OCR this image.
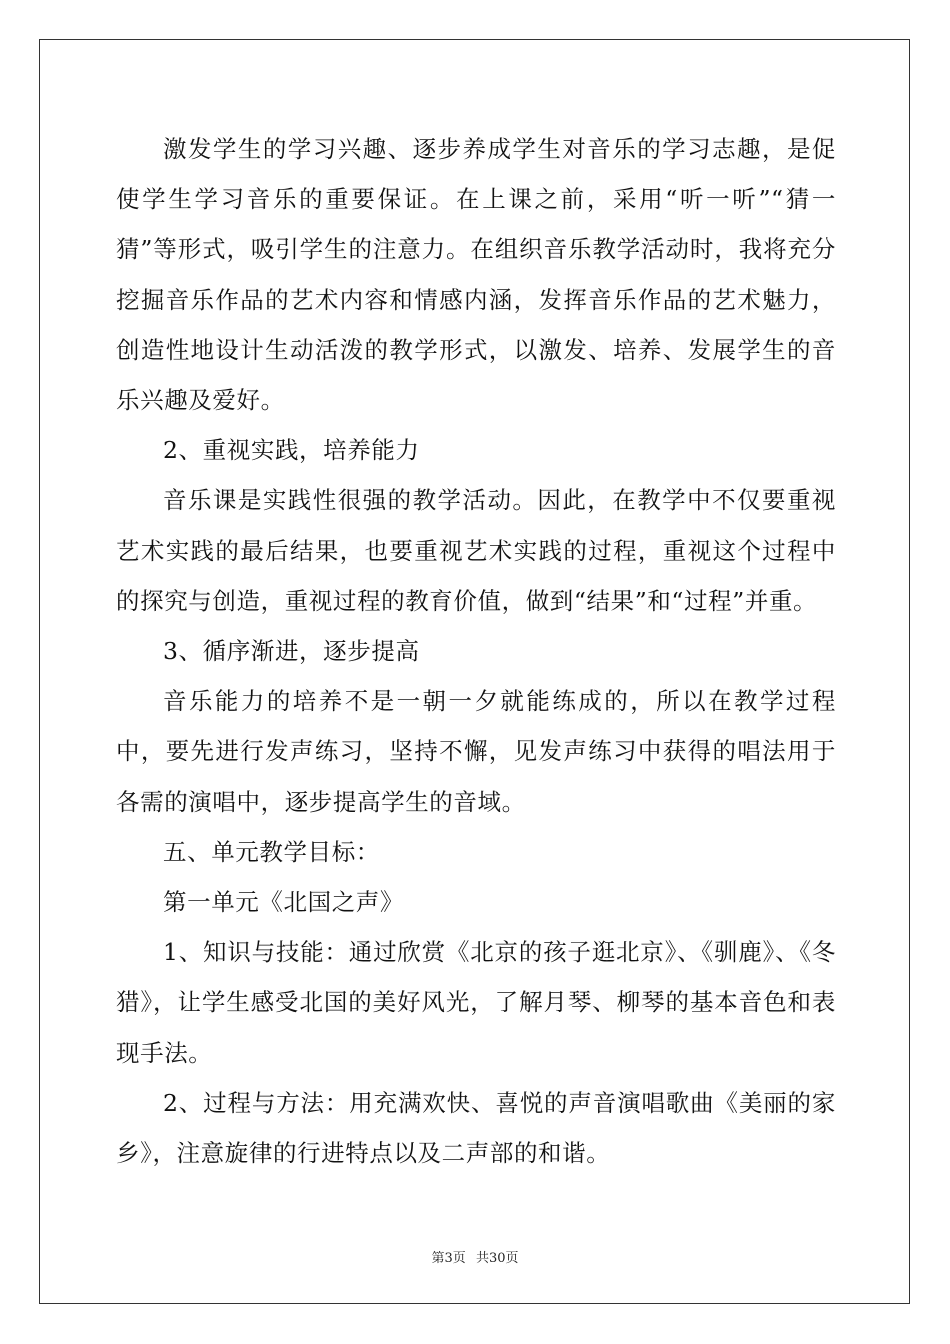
激发学生的学习兴趣、逐步养成学生对音乐的学习志趣，是促使学生学习音乐的重要保证。在上课之前，采用“听一听”“猜一猜”等形式，吸引学生的注意力。在组织音乐教学活动时，我将充分挖掘音乐作品的艺术内容和情感内涵，发挥音乐作品的艺术魅力，创造性地设计生动活泼的教学形式，以激发、培养、发展学生的音乐兴趣及爱好。

2、重视实践，培养能力

音乐课是实践性很强的教学活动。因此，在教学中不仅要重视艺术实践的最后结果，也要重视艺术实践的过程，重视这个过程中的探究与创造，重视过程的教育价值，做到“结果”和“过程”并重。

3、循序渐进，逐步提高

音乐能力的培养不是一朝一夕就能练成的，所以在教学过程中，要先进行发声练习，坚持不懈，见发声练习中获得的唱法用于各需的演唱中，逐步提高学生的音域。

五、单元教学目标：

第一单元《北国之声》

1、知识与技能：通过欣赏《北京的孩子逛北京》、《驯鹿》、《冬猎》，让学生感受北国的美好风光，了解月琴、柳琴的基本音色和表现手法。

2、过程与方法：用充满欢快、喜悦的声音演唱歌曲《美丽的家乡》，注意旋律的行进特点以及二声部的和谐。

第3页 共30页
